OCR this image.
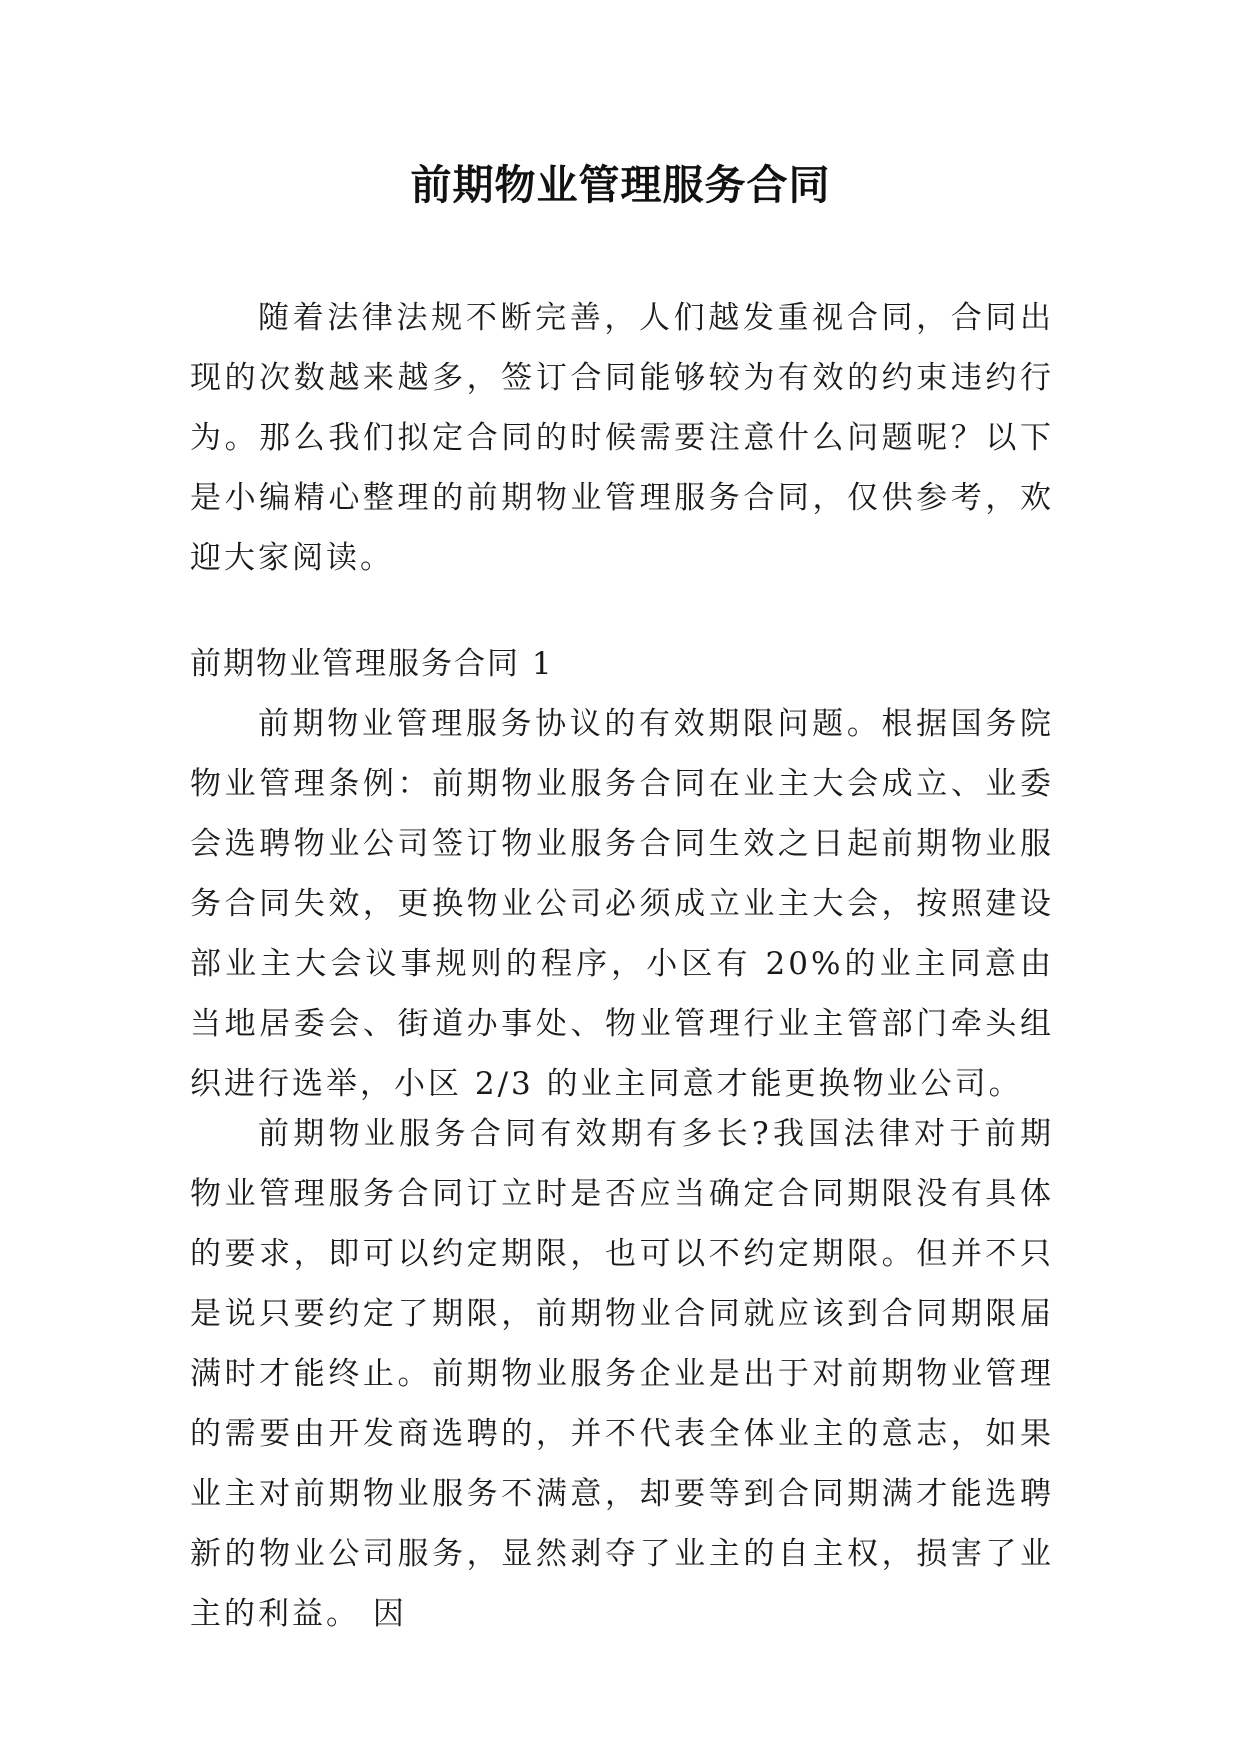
前期物业管理服务合同

随着法律法规不断完善，人们越发重视合同，合同出现的次数越来越多，签订合同能够较为有效的约束违约行为。那么我们拟定合同的时候需要注意什么问题呢？以下是小编精心整理的前期物业管理服务合同，仅供参考，欢迎大家阅读。

前期物业管理服务合同 1

前期物业管理服务协议的有效期限问题。根据国务院物业管理条例：前期物业服务合同在业主大会成立、业委会选聘物业公司签订物业服务合同生效之日起前期物业服务合同失效，更换物业公司必须成立业主大会，按照建设部业主大会议事规则的程序，小区有 20%的业主同意由当地居委会、街道办事处、物业管理行业主管部门牵头组织进行选举，小区 2/3 的业主同意才能更换物业公司。

前期物业服务合同有效期有多长?我国法律对于前期物业管理服务合同订立时是否应当确定合同期限没有具体的要求，即可以约定期限，也可以不约定期限。但并不只是说只要约定了期限，前期物业合同就应该到合同期限届满时才能终止。前期物业服务企业是出于对前期物业管理的需要由开发商选聘的，并不代表全体业主的意志，如果业主对前期物业服务不满意，却要等到合同期满才能选聘新的物业公司服务，显然剥夺了业主的自主权，损害了业主的利益。 因
